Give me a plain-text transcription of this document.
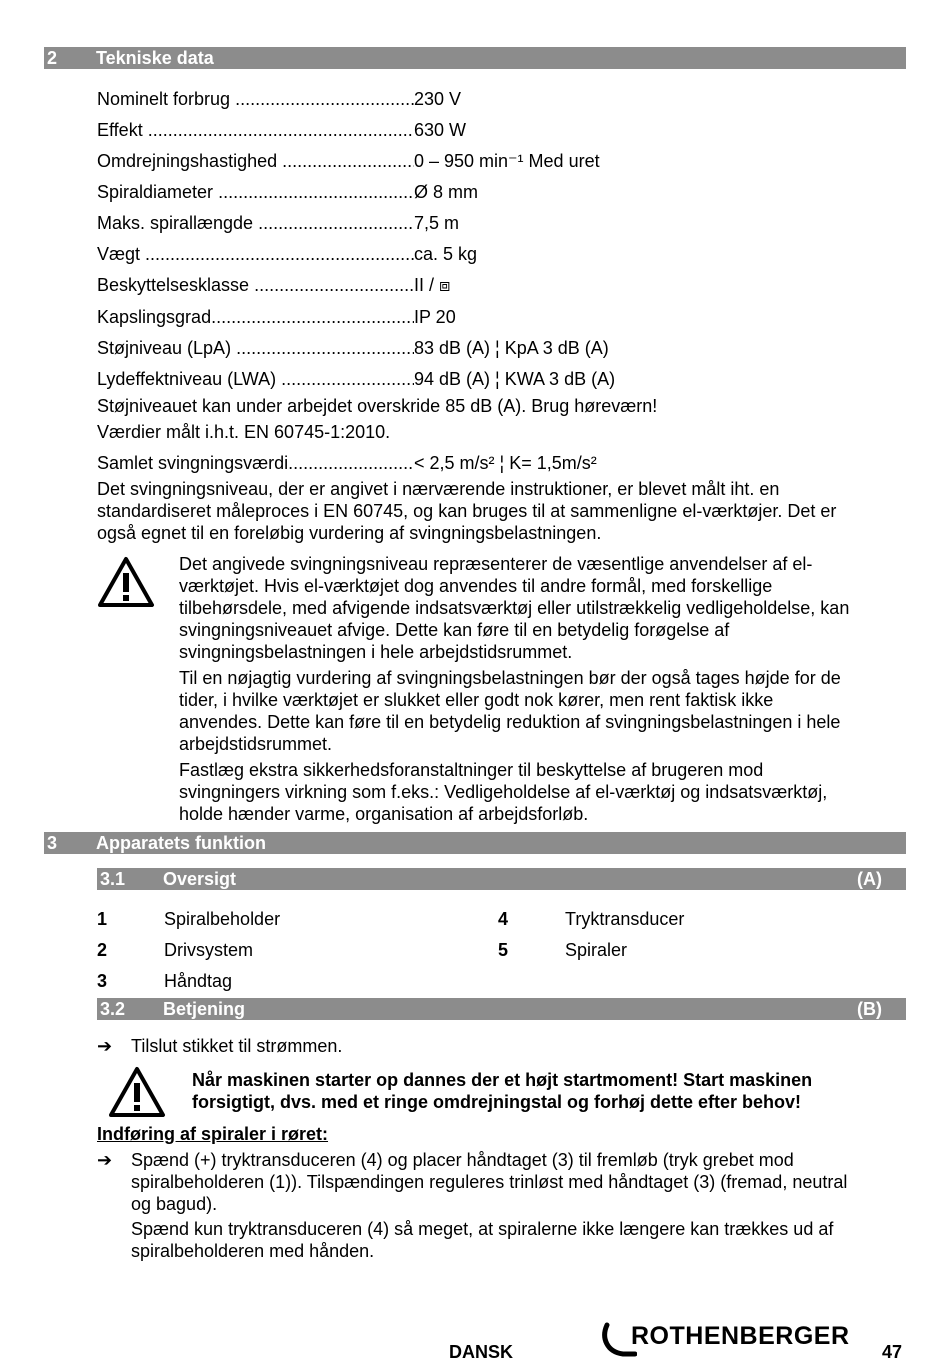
2 Tekniske data
Nominelt forbrug .....	230 V
Effekt .....	630 W
Omdrejningshastighed .....	0 – 950 min⁻¹ Med uret
Spiraldiameter .....	Ø 8 mm
Maks. spirallængde .....	7,5 m
Vægt .....	ca. 5 kg
Beskyttelsesklasse .....	II / ⧈
Kapslingsgrad .....	IP 20
Støjniveau (LpA) .....	83 dB (A) ¦ KpA 3 dB (A)
Lydeffektniveau (LWA) .....	94 dB (A) ¦ KWA 3 dB (A)
Støjniveauet kan under arbejdet overskride 85 dB (A). Brug høreværn!
Værdier målt i.h.t. EN 60745-1:2010.
Samlet svingningsværdi .....	< 2,5 m/s² ¦ K= 1,5m/s²
Det svingningsniveau, der er angivet i nærværende instruktioner, er blevet målt iht. en
standardiseret måleproces i EN 60745, og kan bruges til at sammenligne el-værktøjer. Det er
også egnet til en foreløbig vurdering af svingningsbelastningen.
Det angivede svingningsniveau repræsenterer de væsentlige anvendelser af el-
værktøjet. Hvis el-værktøjet dog anvendes til andre formål, med forskellige
tilbehørsdele, med afvigende indsatsværktøj eller utilstrækkelig vedligeholdelse, kan
svingningsniveauet afvige. Dette kan føre til en betydelig forøgelse af
svingningsbelastningen i hele arbejdstidsrummet.
Til en nøjagtig vurdering af svingningsbelastningen bør der også tages højde for de
tider, i hvilke værktøjet er slukket eller godt nok kører, men rent faktisk ikke
anvendes. Dette kan føre til en betydelig reduktion af svingningsbelastningen i hele
arbejdstidsrummet.
Fastlæg ekstra sikkerhedsforanstaltninger til beskyttelse af brugeren mod
svingningers virkning som f.eks.: Vedligeholdelse af el-værktøj og indsatsværktøj,
holde hænder varme, organisation af arbejdsforløb.
3 Apparatets funktion
3.1 Oversigt	(A)
1	Spiralbeholder
2	Drivsystem
3	Håndtag
4	Tryktransducer
5	Spiraler
3.2 Betjening	(B)
➔ Tilslut stikket til strømmen.
Når maskinen starter op dannes der et højt startmoment! Start maskinen
forsigtigt, dvs. med et ringe omdrejningstal og forhøj dette efter behov!
Indføring af spiraler i røret:
➔ Spænd (+) tryktransduceren (4) og placer håndtaget (3) til fremløb (tryk grebet mod
spiralbeholderen (1)). Tilspændingen reguleres trinløst med håndtaget (3) (fremad, neutral
og bagud).
Spænd kun tryktransduceren (4) så meget, at spiralerne ikke længere kan trækkes ud af
spiralbeholderen med hånden.
DANSK
ROTHENBERGER
47
